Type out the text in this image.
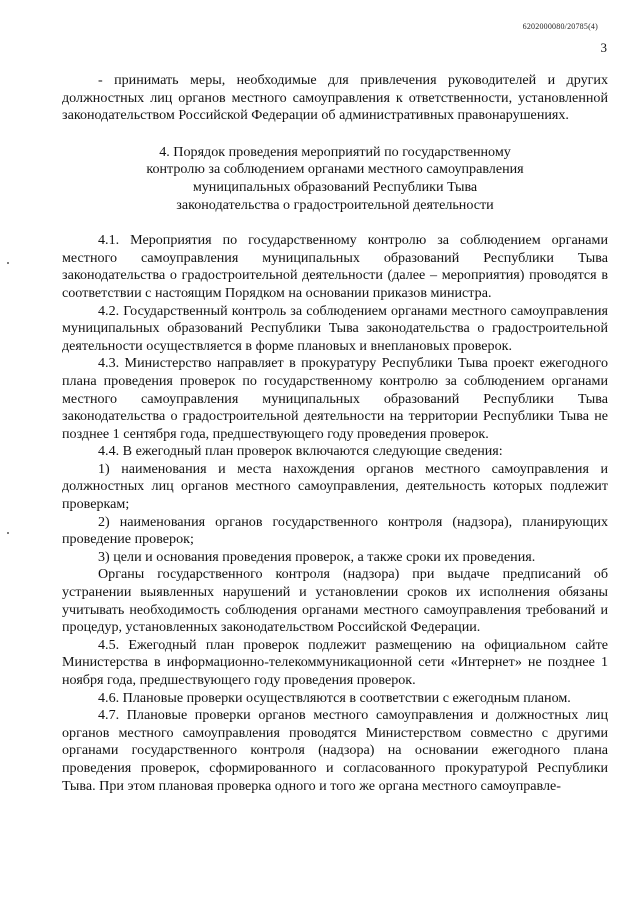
6202000080/20785(4)
3

- принимать меры, необходимые для привлечения руководителей и других должностных лиц органов местного самоуправления к ответственности, установленной законодательством Российской Федерации об административных правонарушениях.

4. Порядок проведения мероприятий по государственному
контролю за соблюдением органами местного самоуправления
муниципальных образований Республики Тыва
законодательства о градостроительной деятельности

4.1. Мероприятия по государственному контролю за соблюдением органами местного самоуправления муниципальных образований Республики Тыва законодательства о градостроительной деятельности (далее – мероприятия) проводятся в соответствии с настоящим Порядком на основании приказов министра.

4.2. Государственный контроль за соблюдением органами местного самоуправления муниципальных образований Республики Тыва законодательства о градостроительной деятельности осуществляется в форме плановых и внеплановых проверок.

4.3. Министерство направляет в прокуратуру Республики Тыва проект ежегодного плана проведения проверок по государственному контролю за соблюдением органами местного самоуправления муниципальных образований Республики Тыва законодательства о градостроительной деятельности на территории Республики Тыва не позднее 1 сентября года, предшествующего году проведения проверок.

4.4. В ежегодный план проверок включаются следующие сведения:

1) наименования и места нахождения органов местного самоуправления и должностных лиц органов местного самоуправления, деятельность которых подлежит проверкам;

2) наименования органов государственного контроля (надзора), планирующих проведение проверок;

3) цели и основания проведения проверок, а также сроки их проведения.

Органы государственного контроля (надзора) при выдаче предписаний об устранении выявленных нарушений и установлении сроков их исполнения обязаны учитывать необходимость соблюдения органами местного самоуправления требований и процедур, установленных законодательством Российской Федерации.

4.5. Ежегодный план проверок подлежит размещению на официальном сайте Министерства в информационно-телекоммуникационной сети «Интернет» не позднее 1 ноября года, предшествующего году проведения проверок.

4.6. Плановые проверки осуществляются в соответствии с ежегодным планом.

4.7. Плановые проверки органов местного самоуправления и должностных лиц органов местного самоуправления проводятся Министерством совместно с другими органами государственного контроля (надзора) на основании ежегодного плана проведения проверок, сформированного и согласованного прокуратурой Республики Тыва. При этом плановая проверка одного и того же органа местного самоуправле-
